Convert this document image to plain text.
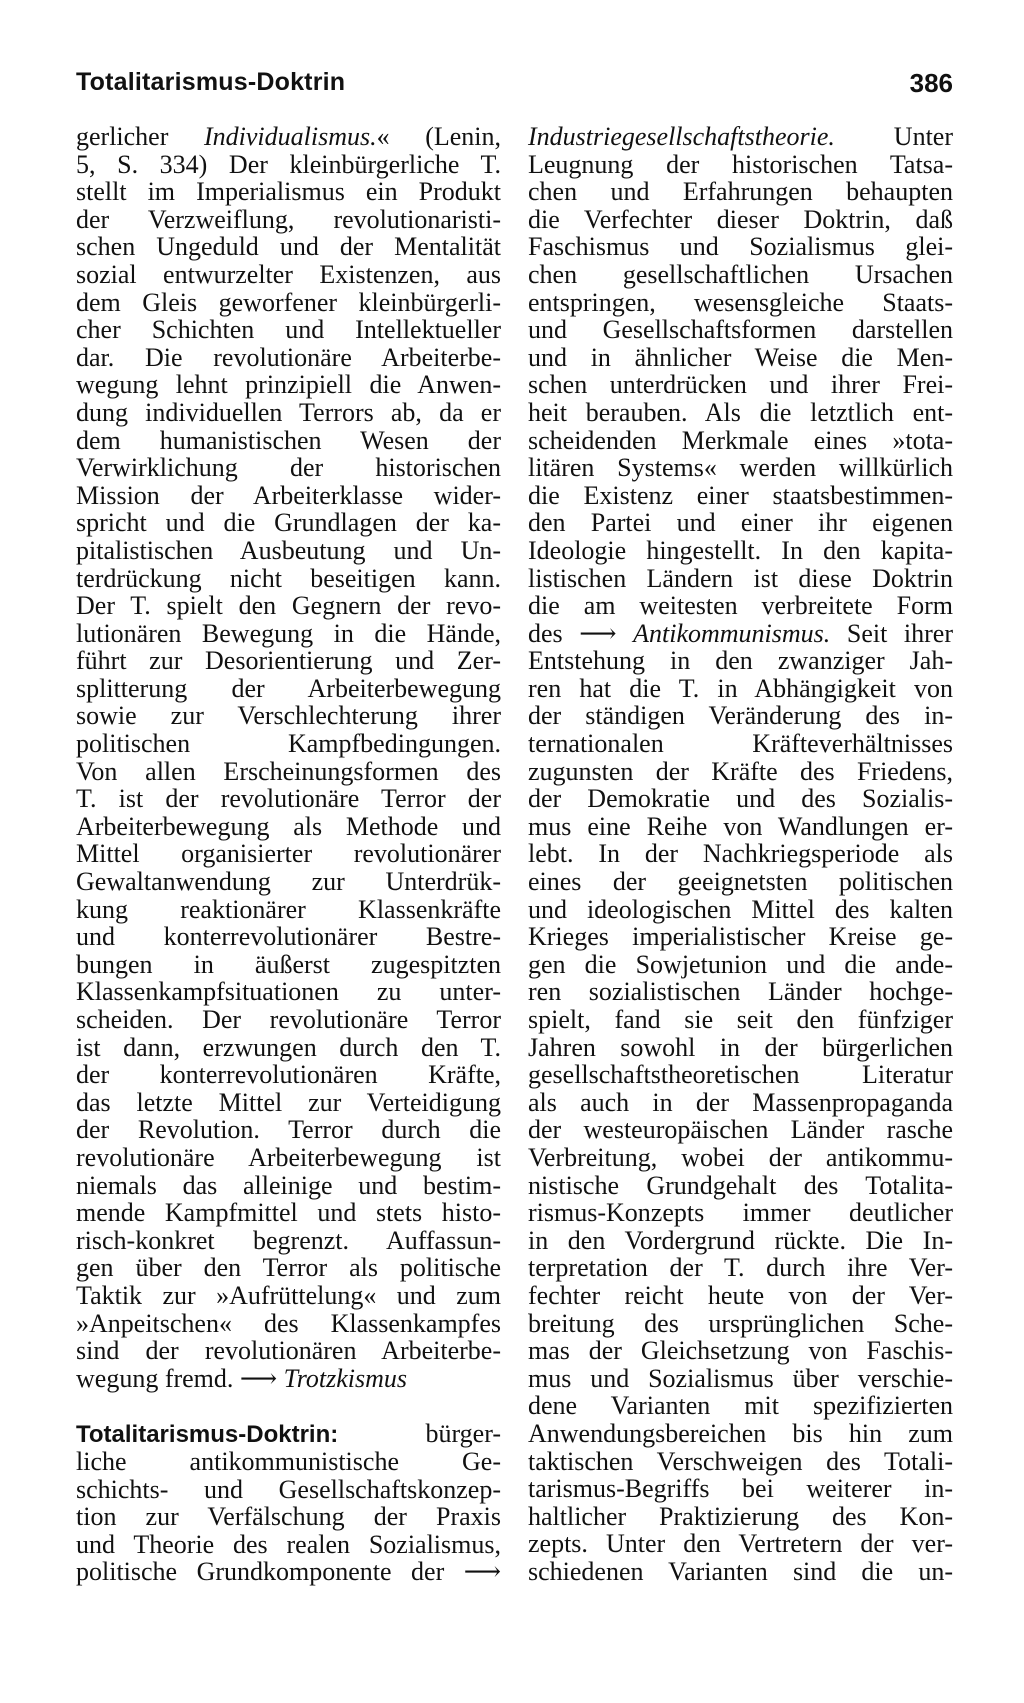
Totalitarismus-Doktrin	386
gerlicher Individualismus.« (Lenin,
5, S. 334) Der kleinbürgerliche T.
stellt im Imperialismus ein Produkt
der Verzweiflung, revolutionaristi-
schen Ungeduld und der Mentalität
sozial entwurzelter Existenzen, aus
dem Gleis geworfener kleinbürgerli-
cher Schichten und Intellektueller
dar. Die revolutionäre Arbeiterbe-
wegung lehnt prinzipiell die Anwen-
dung individuellen Terrors ab, da er
dem humanistischen Wesen der
Verwirklichung der historischen
Mission der Arbeiterklasse wider-
spricht und die Grundlagen der ka-
pitalistischen Ausbeutung und Un-
terdrückung nicht beseitigen kann.
Der T. spielt den Gegnern der revo-
lutionären Bewegung in die Hände,
führt zur Desorientierung und Zer-
splitterung der Arbeiterbewegung
sowie zur Verschlechterung ihrer
politischen Kampfbedingungen.
Von allen Erscheinungsformen des
T. ist der revolutionäre Terror der
Arbeiterbewegung als Methode und
Mittel organisierter revolutionärer
Gewaltanwendung zur Unterdrük-
kung reaktionärer Klassenkräfte
und konterrevolutionärer Bestre-
bungen in äußerst zugespitzten
Klassenkampfsituationen zu unter-
scheiden. Der revolutionäre Terror
ist dann, erzwungen durch den T.
der konterrevolutionären Kräfte,
das letzte Mittel zur Verteidigung
der Revolution. Terror durch die
revolutionäre Arbeiterbewegung ist
niemals das alleinige und bestim-
mende Kampfmittel und stets histo-
risch-konkret begrenzt. Auffassun-
gen über den Terror als politische
Taktik zur »Aufrüttelung« und zum
»Anpeitschen« des Klassenkampfes
sind der revolutionären Arbeiterbe-
wegung fremd. ⟶ Trotzkismus
Totalitarismus-Doktrin: bürger-
liche antikommunistische Ge-
schichts- und Gesellschaftskonzep-
tion zur Verfälschung der Praxis
und Theorie des realen Sozialismus,
politische Grundkomponente der ⟶
Industriegesellschaftstheorie. Unter
Leugnung der historischen Tatsa-
chen und Erfahrungen behaupten
die Verfechter dieser Doktrin, daß
Faschismus und Sozialismus glei-
chen gesellschaftlichen Ursachen
entspringen, wesensgleiche Staats-
und Gesellschaftsformen darstellen
und in ähnlicher Weise die Men-
schen unterdrücken und ihrer Frei-
heit berauben. Als die letztlich ent-
scheidenden Merkmale eines »tota-
litären Systems« werden willkürlich
die Existenz einer staatsbestimmen-
den Partei und einer ihr eigenen
Ideologie hingestellt. In den kapita-
listischen Ländern ist diese Doktrin
die am weitesten verbreitete Form
des ⟶ Antikommunismus. Seit ihrer
Entstehung in den zwanziger Jah-
ren hat die T. in Abhängigkeit von
der ständigen Veränderung des in-
ternationalen Kräfteverhältnisses
zugunsten der Kräfte des Friedens,
der Demokratie und des Sozialis-
mus eine Reihe von Wandlungen er-
lebt. In der Nachkriegsperiode als
eines der geeignetsten politischen
und ideologischen Mittel des kalten
Krieges imperialistischer Kreise ge-
gen die Sowjetunion und die ande-
ren sozialistischen Länder hochge-
spielt, fand sie seit den fünfziger
Jahren sowohl in der bürgerlichen
gesellschaftstheoretischen Literatur
als auch in der Massenpropaganda
der westeuropäischen Länder rasche
Verbreitung, wobei der antikommu-
nistische Grundgehalt des Totalita-
rismus-Konzepts immer deutlicher
in den Vordergrund rückte. Die In-
terpretation der T. durch ihre Ver-
fechter reicht heute von der Ver-
breitung des ursprünglichen Sche-
mas der Gleichsetzung von Faschis-
mus und Sozialismus über verschie-
dene Varianten mit spezifizierten
Anwendungsbereichen bis hin zum
taktischen Verschweigen des Totali-
tarismus-Begriffs bei weiterer in-
haltlicher Praktizierung des Kon-
zepts. Unter den Vertretern der ver-
schiedenen Varianten sind die un-
